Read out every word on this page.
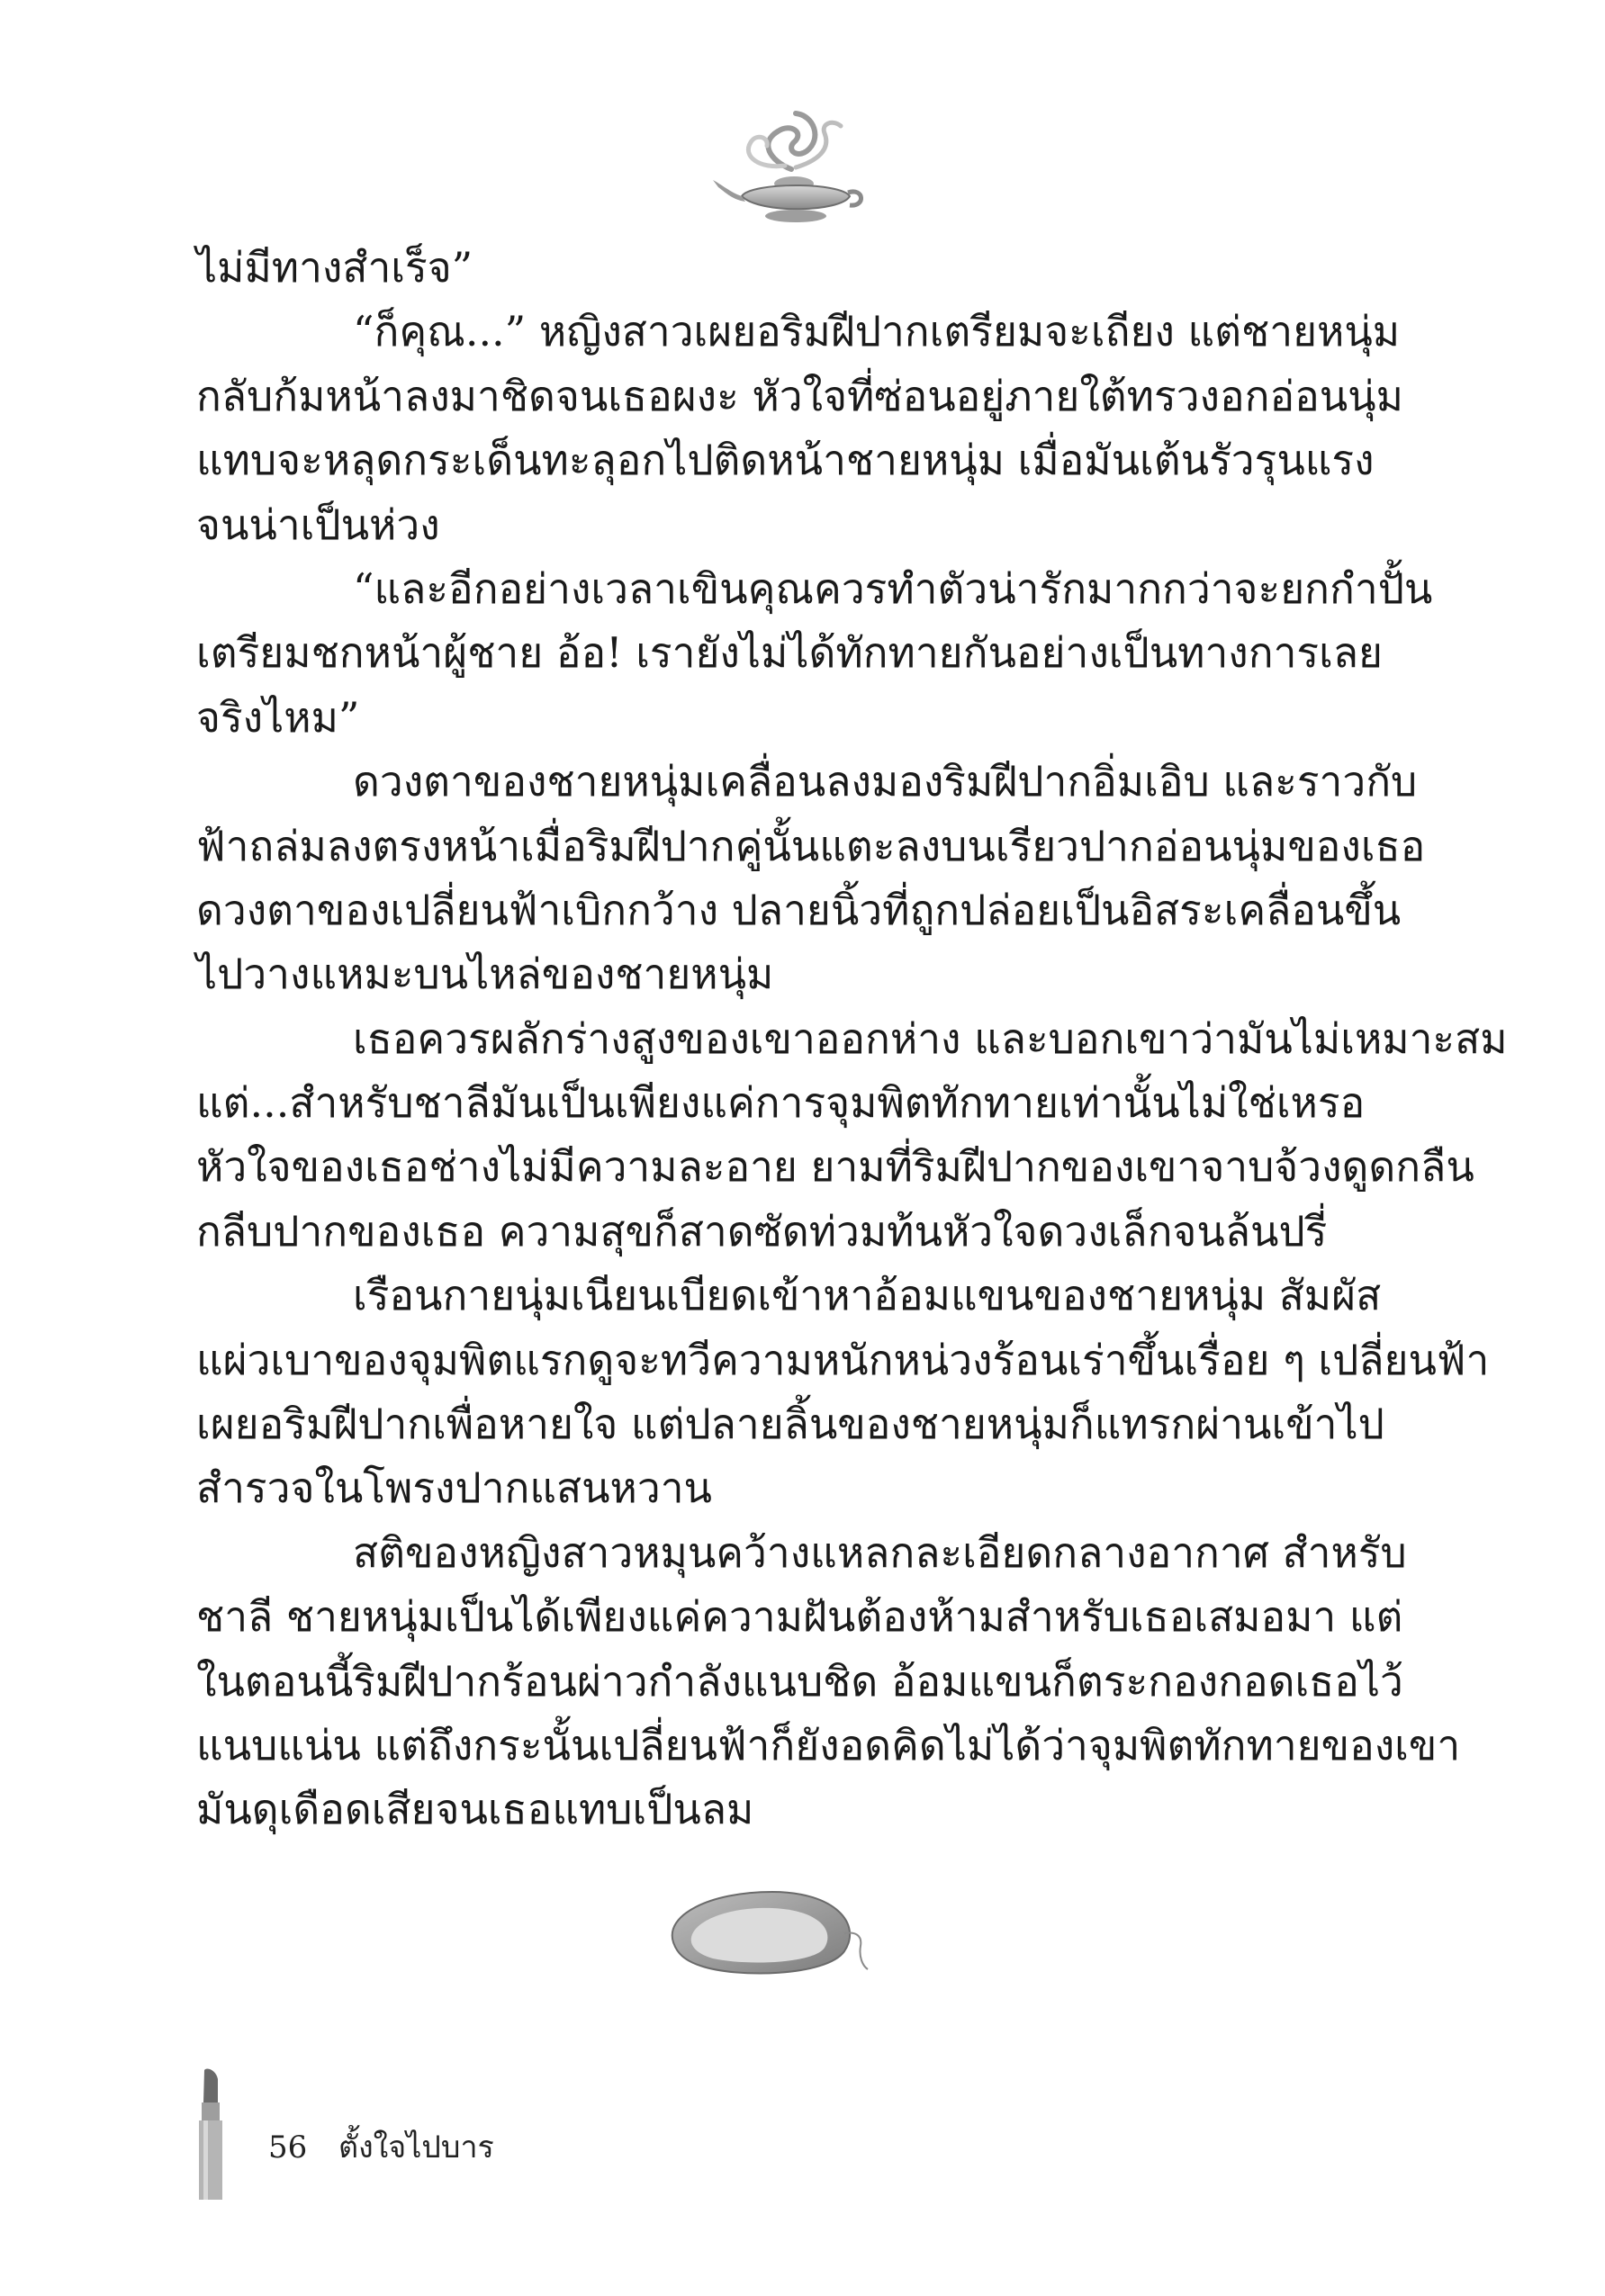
ไม่มีทางสำเร็จ”
“ก็คุณ...” หญิงสาวเผยอริมฝีปากเตรียมจะเถียง แต่ชายหนุ่ม
กลับก้มหน้าลงมาชิดจนเธอผงะ หัวใจที่ซ่อนอยู่ภายใต้ทรวงอกอ่อนนุ่ม
แทบจะหลุดกระเด็นทะลุอกไปติดหน้าชายหนุ่ม เมื่อมันเต้นรัวรุนแรง
จนน่าเป็นห่วง
“และอีกอย่างเวลาเขินคุณควรทำตัวน่ารักมากกว่าจะยกกำปั้น
เตรียมชกหน้าผู้ชาย อ้อ! เรายังไม่ได้ทักทายกันอย่างเป็นทางการเลย
จริงไหม”
ดวงตาของชายหนุ่มเคลื่อนลงมองริมฝีปากอิ่มเอิบ และราวกับ
ฟ้าถล่มลงตรงหน้าเมื่อริมฝีปากคู่นั้นแตะลงบนเรียวปากอ่อนนุ่มของเธอ
ดวงตาของเปลี่ยนฟ้าเบิกกว้าง ปลายนิ้วที่ถูกปล่อยเป็นอิสระเคลื่อนขึ้น
ไปวางแหมะบนไหล่ของชายหนุ่ม
เธอควรผลักร่างสูงของเขาออกห่าง และบอกเขาว่ามันไม่เหมาะสม
แต่...สำหรับชาลีมันเป็นเพียงแค่การจุมพิตทักทายเท่านั้นไม่ใช่เหรอ
หัวใจของเธอช่างไม่มีความละอาย ยามที่ริมฝีปากของเขาจาบจ้วงดูดกลืน
กลีบปากของเธอ ความสุขก็สาดซัดท่วมท้นหัวใจดวงเล็กจนล้นปรี่
เรือนกายนุ่มเนียนเบียดเข้าหาอ้อมแขนของชายหนุ่ม สัมผัส
แผ่วเบาของจุมพิตแรกดูจะทวีความหนักหน่วงร้อนเร่าขึ้นเรื่อย ๆ เปลี่ยนฟ้า
เผยอริมฝีปากเพื่อหายใจ แต่ปลายลิ้นของชายหนุ่มก็แทรกผ่านเข้าไป
สำรวจในโพรงปากแสนหวาน
สติของหญิงสาวหมุนคว้างแหลกละเอียดกลางอากาศ สำหรับ
ชาลี ชายหนุ่มเป็นได้เพียงแค่ความฝันต้องห้ามสำหรับเธอเสมอมา แต่
ในตอนนี้ริมฝีปากร้อนผ่าวกำลังแนบชิด อ้อมแขนก็ตระกองกอดเธอไว้
แนบแน่น แต่ถึงกระนั้นเปลี่ยนฟ้าก็ยังอดคิดไม่ได้ว่าจุมพิตทักทายของเขา
มันดุเดือดเสียจนเธอแทบเป็นลม
56 ตั้งใจไปบาร
